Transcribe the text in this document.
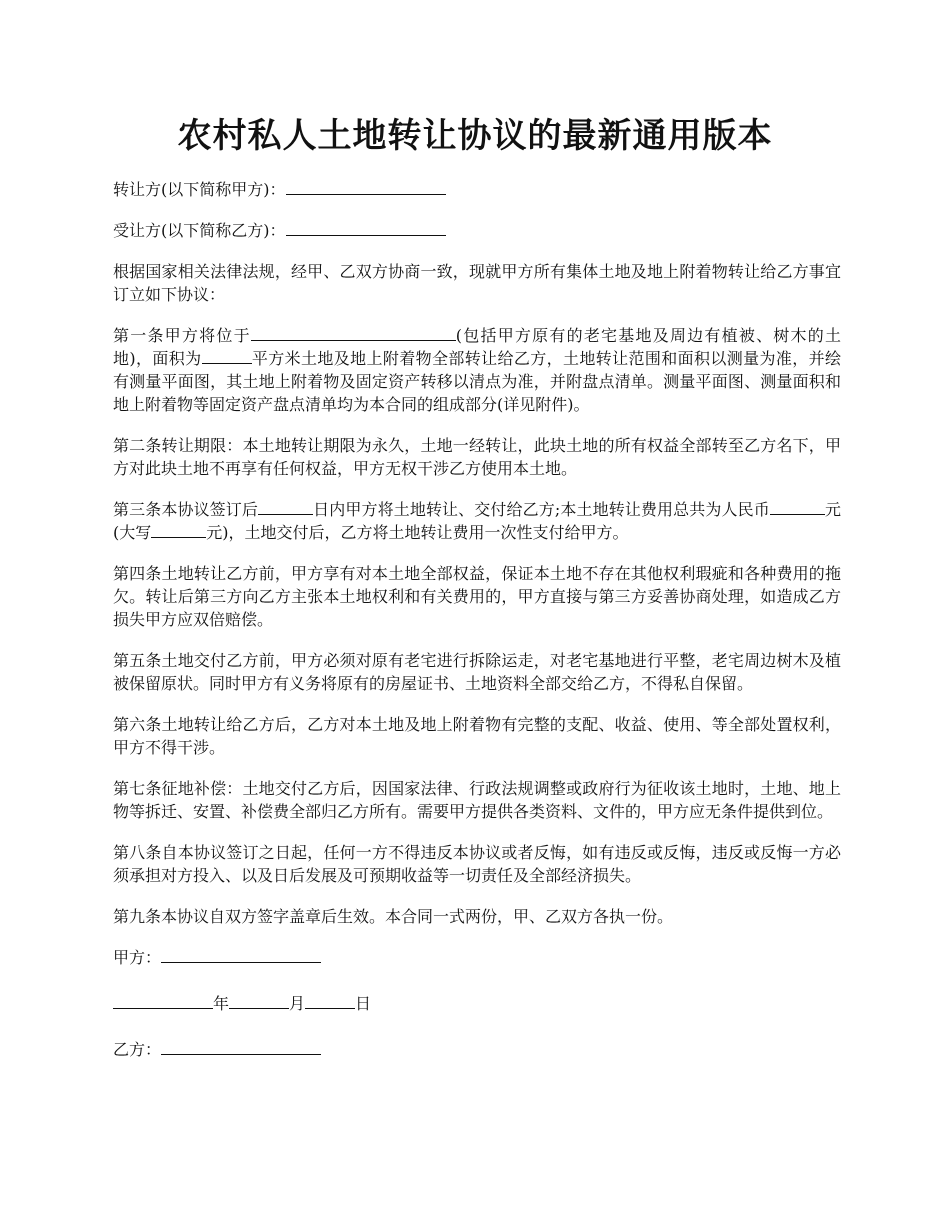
农村私人土地转让协议的最新通用版本

转让方(以下简称甲方)：

受让方(以下简称乙方)：

根据国家相关法律法规，经甲、乙双方协商一致，现就甲方所有集体土地及地上附着物转让给乙方事宜订立如下协议：

第一条甲方将位于	(包括甲方原有的老宅基地及周边有植被、树木的土地)，面积为	平方米土地及地上附着物全部转让给乙方，土地转让范围和面积以测量为准，并绘有测量平面图，其土地上附着物及固定资产转移以清点为准，并附盘点清单。测量平面图、测量面积和地上附着物等固定资产盘点清单均为本合同的组成部分(详见附件)。

第二条转让期限：本土地转让期限为永久，土地一经转让，此块土地的所有权益全部转至乙方名下，甲方对此块土地不再享有任何权益，甲方无权干涉乙方使用本土地。

第三条本协议签订后	日内甲方将土地转让、交付给乙方;本土地转让费用总共为人民币	元(大写	元)，土地交付后，乙方将土地转让费用一次性支付给甲方。

第四条土地转让乙方前，甲方享有对本土地全部权益，保证本土地不存在其他权利瑕疵和各种费用的拖欠。转让后第三方向乙方主张本土地权利和有关费用的，甲方直接与第三方妥善协商处理，如造成乙方损失甲方应双倍赔偿。

第五条土地交付乙方前，甲方必须对原有老宅进行拆除运走，对老宅基地进行平整，老宅周边树木及植被保留原状。同时甲方有义务将原有的房屋证书、土地资料全部交给乙方，不得私自保留。

第六条土地转让给乙方后，乙方对本土地及地上附着物有完整的支配、收益、使用、等全部处置权利，甲方不得干涉。

第七条征地补偿：土地交付乙方后，因国家法律、行政法规调整或政府行为征收该土地时，土地、地上物等拆迁、安置、补偿费全部归乙方所有。需要甲方提供各类资料、文件的，甲方应无条件提供到位。

第八条自本协议签订之日起，任何一方不得违反本协议或者反悔，如有违反或反悔，违反或反悔一方必须承担对方投入、以及日后发展及可预期收益等一切责任及全部经济损失。

第九条本协议自双方签字盖章后生效。本合同一式两份，甲、乙双方各执一份。

甲方：

年	月	日

乙方：
